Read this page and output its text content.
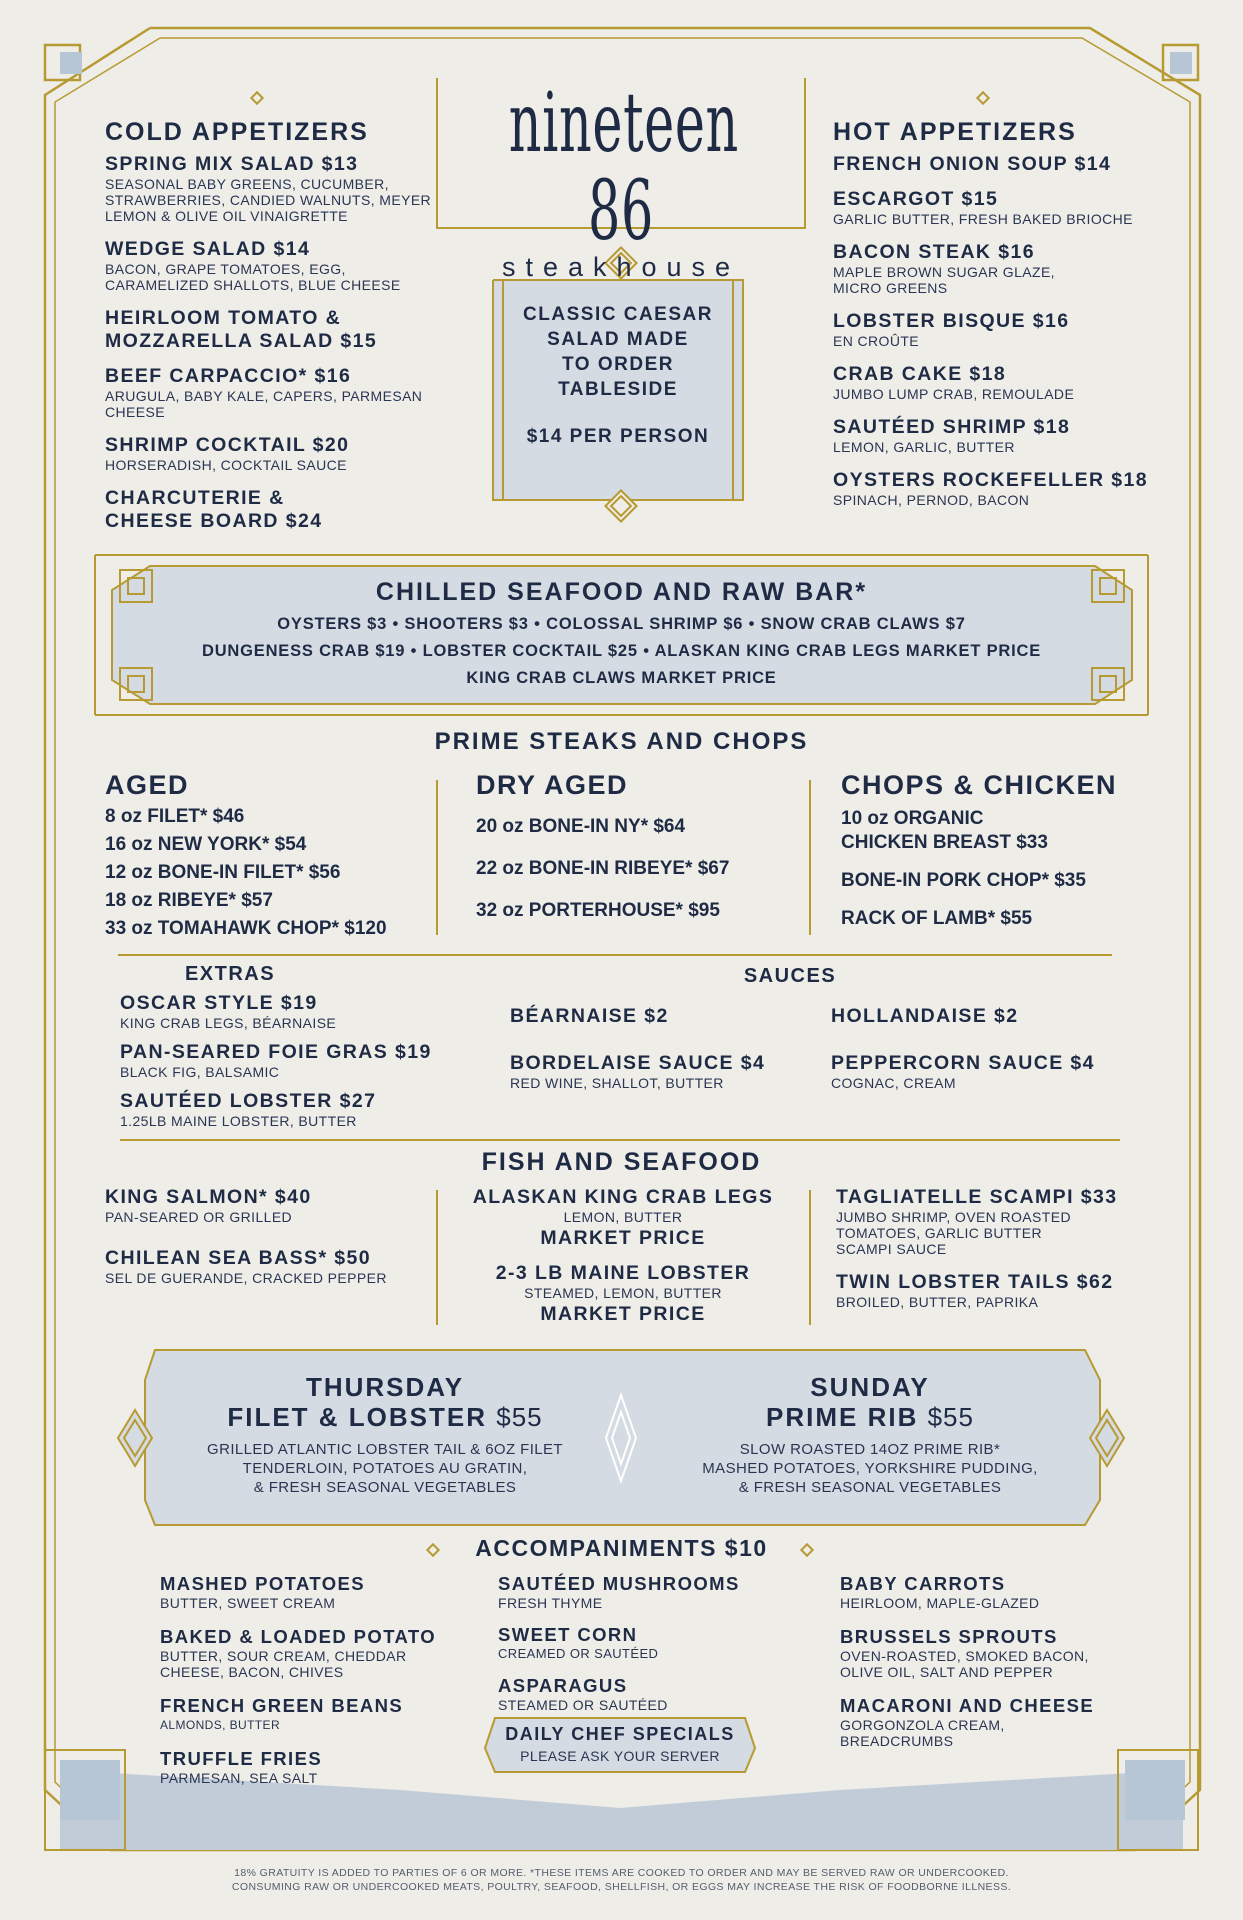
nineteen 86
steakhouse
COLD APPETIZERS
SPRING MIX SALAD $13
SEASONAL BABY GREENS, CUCUMBER, STRAWBERRIES, CANDIED WALNUTS, MEYER LEMON & OLIVE OIL VINAIGRETTE
WEDGE SALAD $14
BACON, GRAPE TOMATOES, EGG, CARAMELIZED SHALLOTS, BLUE CHEESE
HEIRLOOM TOMATO & MOZZARELLA SALAD $15
BEEF CARPACCIO* $16
ARUGULA, BABY KALE, CAPERS, PARMESAN CHEESE
SHRIMP COCKTAIL $20
HORSERADISH, COCKTAIL SAUCE
CHARCUTERIE & CHEESE BOARD $24
CLASSIC CAESAR
SALAD MADE
TO ORDER
TABLESIDE
$14 PER PERSON
HOT APPETIZERS
FRENCH ONION SOUP $14
ESCARGOT $15
GARLIC BUTTER, FRESH BAKED BRIOCHE
BACON STEAK $16
MAPLE BROWN SUGAR GLAZE, MICRO GREENS
LOBSTER BISQUE $16
EN CROÛTE
CRAB CAKE $18
JUMBO LUMP CRAB, REMOULADE
SAUTÉED SHRIMP $18
LEMON, GARLIC, BUTTER
OYSTERS ROCKEFELLER $18
SPINACH, PERNOD, BACON
CHILLED SEAFOOD AND RAW BAR*
OYSTERS $3 • SHOOTERS $3 • COLOSSAL SHRIMP $6 • SNOW CRAB CLAWS $7
DUNGENESS CRAB $19 • LOBSTER COCKTAIL $25 • ALASKAN KING CRAB LEGS MARKET PRICE
KING CRAB CLAWS MARKET PRICE
PRIME STEAKS AND CHOPS
AGED
8 oz FILET* $46
16 oz NEW YORK* $54
12 oz BONE-IN FILET* $56
18 oz RIBEYE* $57
33 oz TOMAHAWK CHOP* $120
DRY AGED
20 oz BONE-IN NY* $64
22 oz BONE-IN RIBEYE* $67
32 oz PORTERHOUSE* $95
CHOPS & CHICKEN
10 oz ORGANIC
CHICKEN BREAST $33
BONE-IN PORK CHOP* $35
RACK OF LAMB* $55
EXTRAS
OSCAR STYLE $19
KING CRAB LEGS, BÉARNAISE
PAN-SEARED FOIE GRAS $19
BLACK FIG, BALSAMIC
SAUTÉED LOBSTER $27
1.25LB MAINE LOBSTER, BUTTER
SAUCES
BÉARNAISE $2	HOLLANDAISE $2
BORDELAISE SAUCE $4
RED WINE, SHALLOT, BUTTER
PEPPERCORN SAUCE $4
COGNAC, CREAM
FISH AND SEAFOOD
KING SALMON* $40
PAN-SEARED OR GRILLED
CHILEAN SEA BASS* $50
SEL DE GUERANDE, CRACKED PEPPER
ALASKAN KING CRAB LEGS
LEMON, BUTTER
MARKET PRICE
2-3 LB MAINE LOBSTER
STEAMED, LEMON, BUTTER
MARKET PRICE
TAGLIATELLE SCAMPI $33
JUMBO SHRIMP, OVEN ROASTED TOMATOES, GARLIC BUTTER SCAMPI SAUCE
TWIN LOBSTER TAILS $62
BROILED, BUTTER, PAPRIKA
THURSDAY
FILET & LOBSTER $55
GRILLED ATLANTIC LOBSTER TAIL & 6OZ FILET
TENDERLOIN, POTATOES AU GRATIN,
& FRESH SEASONAL VEGETABLES
SUNDAY
PRIME RIB $55
SLOW ROASTED 14OZ PRIME RIB*
MASHED POTATOES, YORKSHIRE PUDDING,
& FRESH SEASONAL VEGETABLES
ACCOMPANIMENTS $10
MASHED POTATOES
BUTTER, SWEET CREAM
BAKED & LOADED POTATO
BUTTER, SOUR CREAM, CHEDDAR CHEESE, BACON, CHIVES
FRENCH GREEN BEANS
ALMONDS, BUTTER
TRUFFLE FRIES
PARMESAN, SEA SALT
SAUTÉED MUSHROOMS
FRESH THYME
SWEET CORN
CREAMED OR SAUTÉED
ASPARAGUS
STEAMED OR SAUTÉED
DAILY CHEF SPECIALS
PLEASE ASK YOUR SERVER
BABY CARROTS
HEIRLOOM, MAPLE-GLAZED
BRUSSELS SPROUTS
OVEN-ROASTED, SMOKED BACON, OLIVE OIL, SALT AND PEPPER
MACARONI AND CHEESE
GORGONZOLA CREAM, BREADCRUMBS
18% GRATUITY IS ADDED TO PARTIES OF 6 OR MORE. *THESE ITEMS ARE COOKED TO ORDER AND MAY BE SERVED RAW OR UNDERCOOKED.
CONSUMING RAW OR UNDERCOOKED MEATS, POULTRY, SEAFOOD, SHELLFISH, OR EGGS MAY INCREASE THE RISK OF FOODBORNE ILLNESS.
